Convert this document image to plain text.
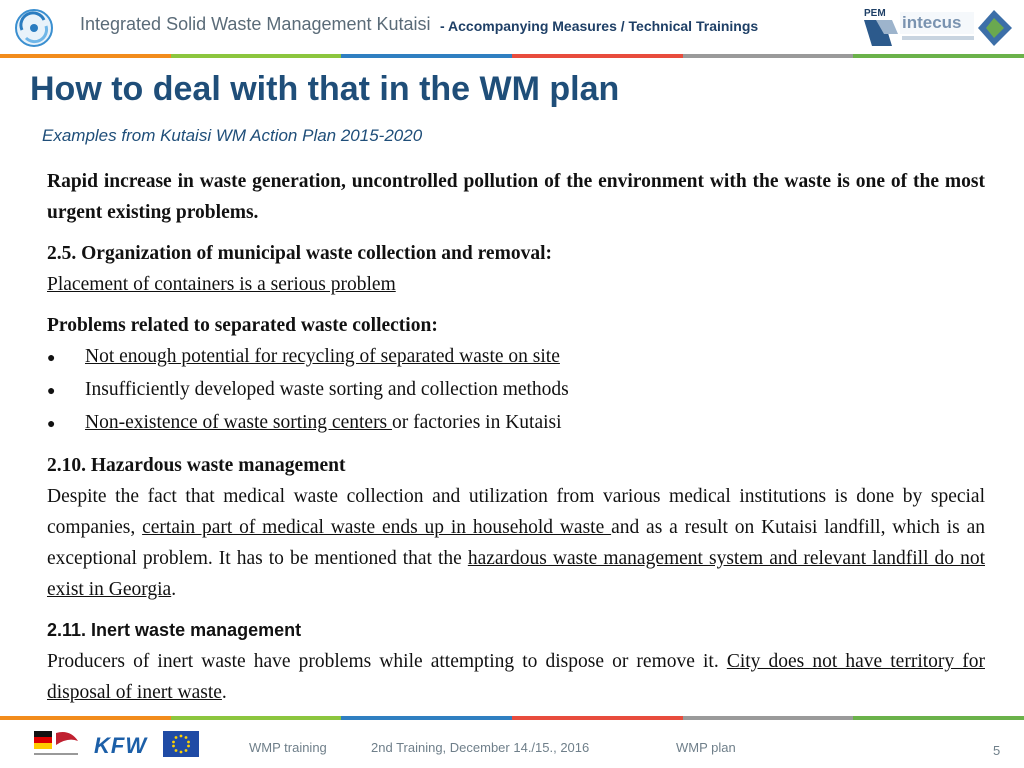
Integrated Solid Waste Management Kutaisi - Accompanying Measures / Technical Trainings
PEM intecus
How to deal with that in the WM plan
Examples from Kutaisi WM Action Plan 2015-2020

Rapid increase in waste generation, uncontrolled pollution of the environment with the waste is one of the most urgent existing problems.

2.5. Organization of municipal waste collection and removal:

Placement of containers is a serious problem

Problems related to separated waste collection:

●	Not enough potential for recycling of separated waste on site
●	Insufficiently developed waste sorting and collection methods
●	Non-existence of waste sorting centers or factories in Kutaisi

2.10. Hazardous waste management

Despite the fact that medical waste collection and utilization from various medical institutions is done by special companies, certain part of medical waste ends up in household waste and as a result on Kutaisi landfill, which is an exceptional problem. It has to be mentioned that the hazardous waste management system and relevant landfill do not exist in Georgia.

2.11. Inert waste management

Producers of inert waste have problems while attempting to dispose or remove it. City does not have territory for disposal of inert waste.

KFW	WMP training	2nd Training, December 14./15., 2016	WMP plan	5
